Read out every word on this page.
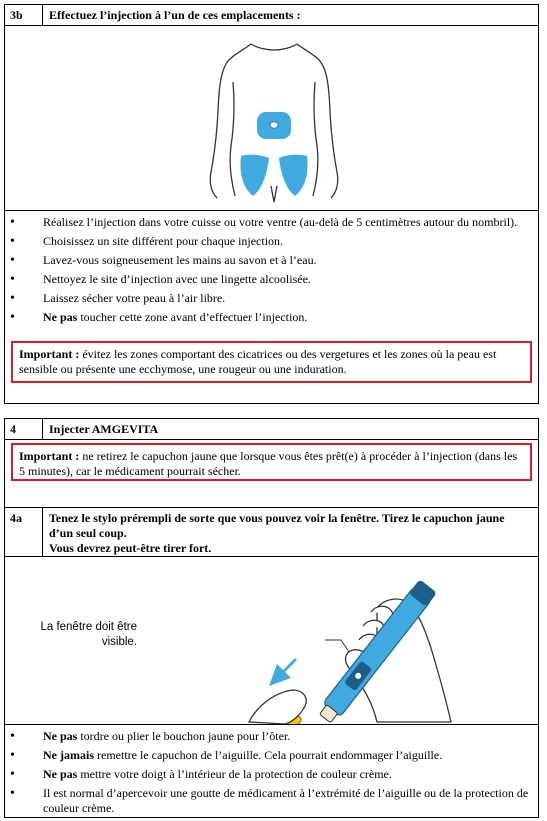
3b	Effectuez l’injection à l’un de ces emplacements :
• Réalisez l’injection dans votre cuisse ou votre ventre (au-delà de 5 centimètres autour du nombril).
• Choisissez un site différent pour chaque injection.
• Lavez-vous soigneusement les mains au savon et à l’eau.
• Nettoyez le site d’injection avec une lingette alcoolisée.
• Laissez sécher votre peau à l’air libre.
• Ne pas toucher cette zone avant d’effectuer l’injection.
Important : évitez les zones comportant des cicatrices ou des vergetures et les zones où la peau est sensible ou présente une ecchymose, une rougeur ou une induration.
4	Injecter AMGEVITA
Important : ne retirez le capuchon jaune que lorsque vous êtes prêt(e) à procéder à l’injection (dans les 5 minutes), car le médicament pourrait sécher.
4a	Tenez le stylo prérempli de sorte que vous pouvez voir la fenêtre. Tirez le capuchon jaune d’un seul coup.
Vous devrez peut-être tirer fort.
La fenêtre doit être
visible.
• Ne pas tordre ou plier le bouchon jaune pour l’ôter.
• Ne jamais remettre le capuchon de l’aiguille. Cela pourrait endommager l’aiguille.
• Ne pas mettre votre doigt à l’intérieur de la protection de couleur crème.
• Il est normal d’apercevoir une goutte de médicament à l’extrémité de l’aiguille ou de la protection de couleur crème.
